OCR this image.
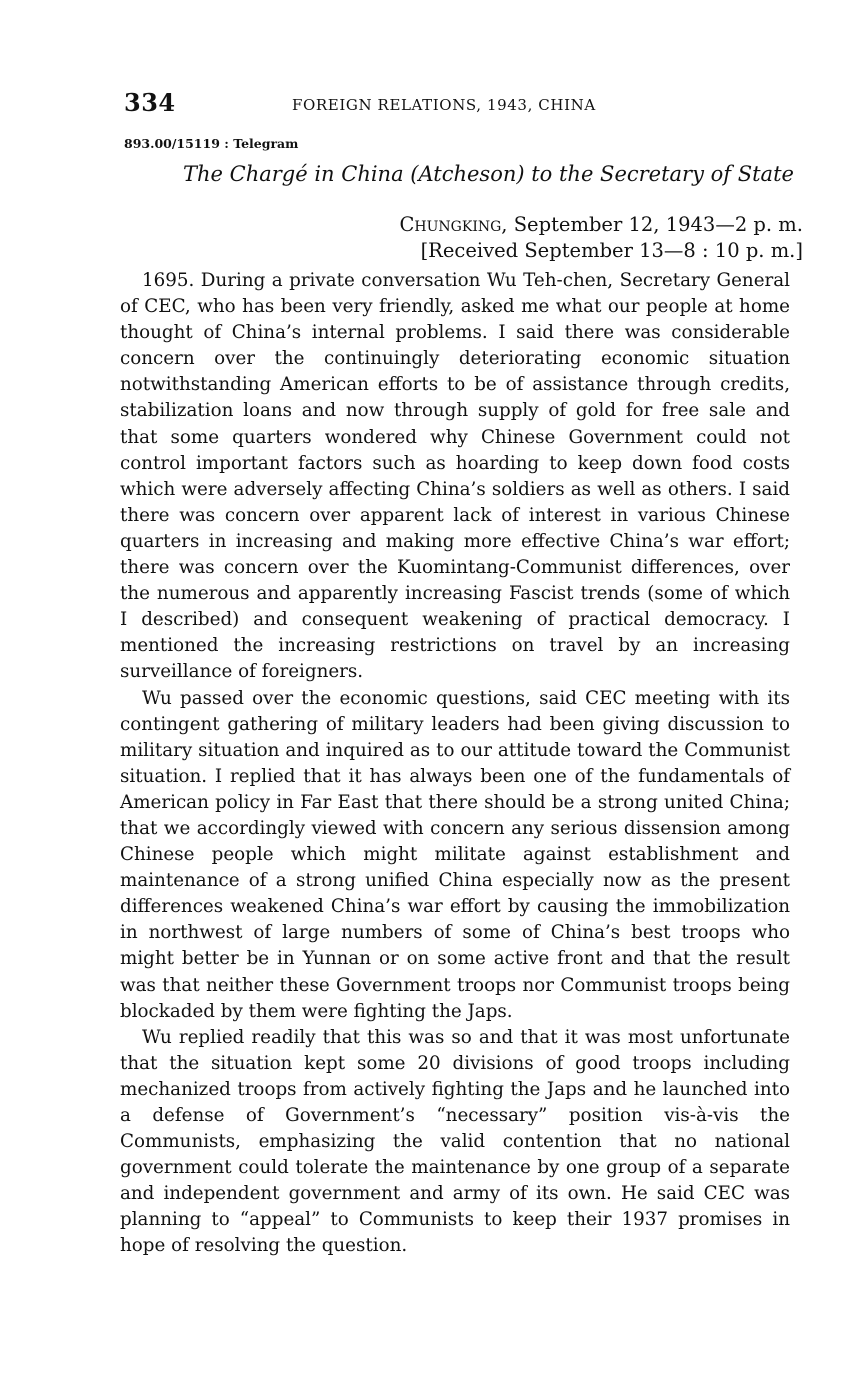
334	FOREIGN RELATIONS, 1943, CHINA
893.00/15119 : Telegram
The Chargé in China (Atcheson) to the Secretary of State
Chungking, September 12, 1943—2 p. m.
[Received September 13—8 : 10 p. m.]

1695. During a private conversation Wu Teh-chen, Secretary General of CEC, who has been very friendly, asked me what our people at home thought of China’s internal problems. I said there was considerable concern over the continuingly deteriorating economic situation notwithstanding American efforts to be of assistance through credits, stabilization loans and now through supply of gold for free sale and that some quarters wondered why Chinese Government could not control important factors such as hoarding to keep down food costs which were adversely affecting China’s soldiers as well as others. I said there was concern over apparent lack of interest in various Chinese quarters in increasing and making more effective China’s war effort; there was concern over the Kuomintang-Communist differences, over the numerous and apparently increasing Fascist trends (some of which I described) and consequent weakening of practical democracy. I mentioned the increasing restrictions on travel by an increasing surveillance of foreigners.

Wu passed over the economic questions, said CEC meeting with its contingent gathering of military leaders had been giving discussion to military situation and inquired as to our attitude toward the Communist situation. I replied that it has always been one of the fundamentals of American policy in Far East that there should be a strong united China; that we accordingly viewed with concern any serious dissension among Chinese people which might militate against establishment and maintenance of a strong unified China especially now as the present differences weakened China’s war effort by causing the immobilization in northwest of large numbers of some of China’s best troops who might better be in Yunnan or on some active front and that the result was that neither these Government troops nor Communist troops being blockaded by them were fighting the Japs.

Wu replied readily that this was so and that it was most unfortunate that the situation kept some 20 divisions of good troops including mechanized troops from actively fighting the Japs and he launched into a defense of Government’s “necessary” position vis-à-vis the Communists, emphasizing the valid contention that no national government could tolerate the maintenance by one group of a separate and independent government and army of its own. He said CEC was planning to “appeal” to Communists to keep their 1937 promises in hope of resolving the question.
